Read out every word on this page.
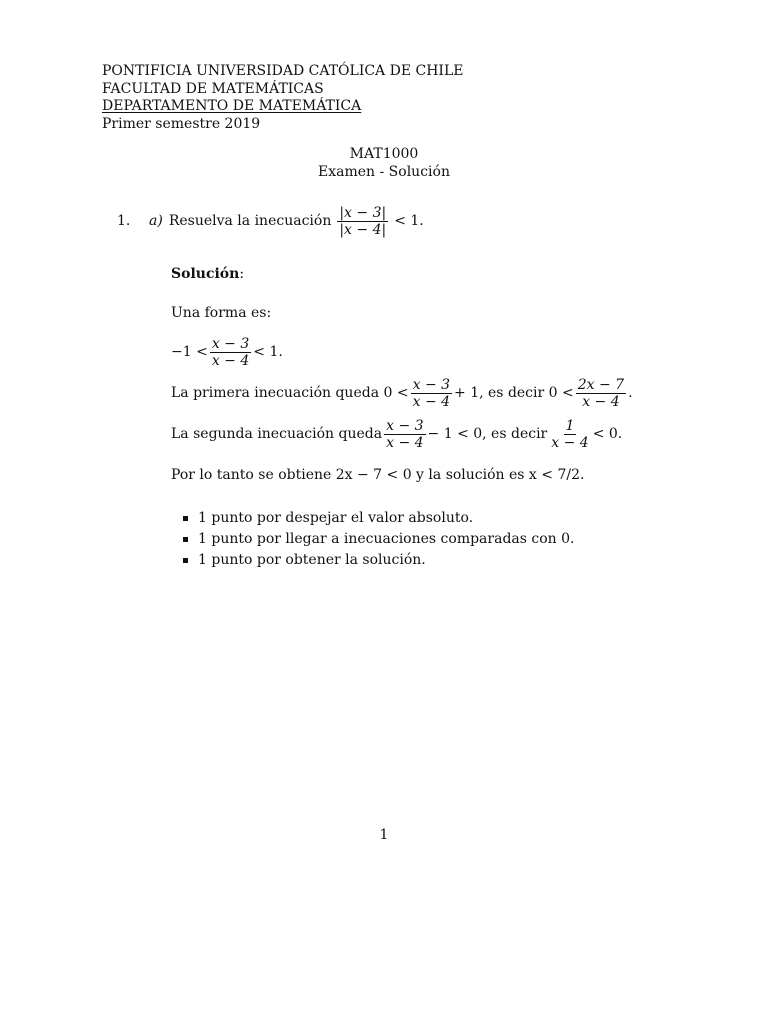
PONTIFICIA UNIVERSIDAD CATÓLICA DE CHILE
FACULTAD DE MATEMÁTICAS
DEPARTAMENTO DE MATEMÁTICA
Primer semestre 2019
MAT1000
Examen - Solución
1.	a) Resuelva la inecuación $\frac{|x - 3|}{|x - 4|} < 1$.
Solución:
Una forma es:
$-1 < \frac{x - 3}{x - 4} < 1$.
La primera inecuación queda $0 < \frac{x - 3}{x - 4} + 1$, es decir $0 < \frac{2x - 7}{x - 4}$ .
La segunda inecuación queda $\frac{x - 3}{x - 4} - 1 < 0$, es decir $\frac{1}{x - 4} < 0$.
Por lo tanto se obtiene 2x − 7 < 0 y la solución es x < 7/2.
1 punto por despejar el valor absoluto.
1 punto por llegar a inecuaciones comparadas con 0.
1 punto por obtener la solución.
1
